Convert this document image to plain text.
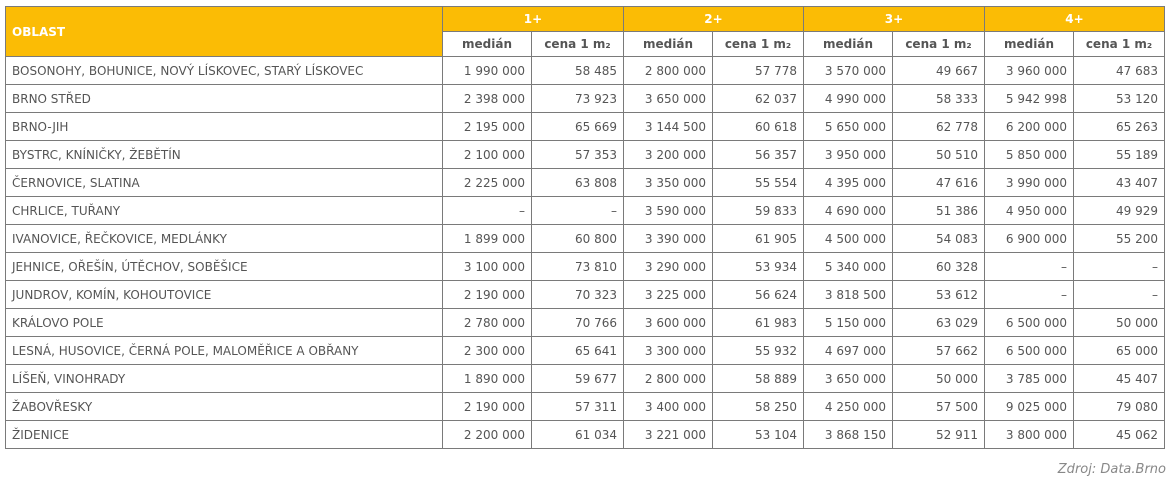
OBLAST	1+		2+		3+		4+	
	medián	cena 1 m₂	medián	cena 1 m₂	medián	cena 1 m₂	medián	cena 1 m₂
BOSONOHY, BOHUNICE, NOVÝ LÍSKOVEC, STARÝ LÍSKOVEC	1 990 000	58 485	2 800 000	57 778	3 570 000	49 667	3 960 000	47 683
BRNO STŘED	2 398 000	73 923	3 650 000	62 037	4 990 000	58 333	5 942 998	53 120
BRNO-JIH	2 195 000	65 669	3 144 500	60 618	5 650 000	62 778	6 200 000	65 263
BYSTRC, KNÍNIČKY, ŽEBĚTÍN	2 100 000	57 353	3 200 000	56 357	3 950 000	50 510	5 850 000	55 189
ČERNOVICE, SLATINA	2 225 000	63 808	3 350 000	55 554	4 395 000	47 616	3 990 000	43 407
CHRLICE, TUŘANY	–	–	3 590 000	59 833	4 690 000	51 386	4 950 000	49 929
IVANOVICE, ŘEČKOVICE, MEDLÁNKY	1 899 000	60 800	3 390 000	61 905	4 500 000	54 083	6 900 000	55 200
JEHNICE, OŘEŠÍN, ÚTĚCHOV, SOBĚŠICE	3 100 000	73 810	3 290 000	53 934	5 340 000	60 328	–	–
JUNDROV, KOMÍN, KOHOUTOVICE	2 190 000	70 323	3 225 000	56 624	3 818 500	53 612	–	–
KRÁLOVO POLE	2 780 000	70 766	3 600 000	61 983	5 150 000	63 029	6 500 000	50 000
LESNÁ, HUSOVICE, ČERNÁ POLE, MALOMĚŘICE A OBŘANY	2 300 000	65 641	3 300 000	55 932	4 697 000	57 662	6 500 000	65 000
LÍŠEŇ, VINOHRADY	1 890 000	59 677	2 800 000	58 889	3 650 000	50 000	3 785 000	45 407
ŽABOVŘESKY	2 190 000	57 311	3 400 000	58 250	4 250 000	57 500	9 025 000	79 080
ŽIDENICE	2 200 000	61 034	3 221 000	53 104	3 868 150	52 911	3 800 000	45 062
Zdroj: Data.Brno
